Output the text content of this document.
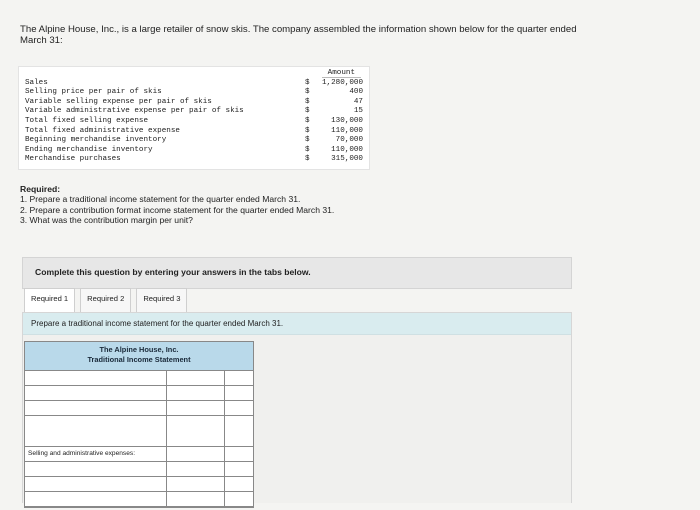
The Alpine House, Inc., is a large retailer of snow skis. The company assembled the information shown below for the quarter ended
March 31:
Amount
Sales	$	1,280,000
Selling price per pair of skis	$	400
Variable selling expense per pair of skis	$	47
Variable administrative expense per pair of skis	$	15
Total fixed selling expense	$	130,000
Total fixed administrative expense	$	110,000
Beginning merchandise inventory	$	70,000
Ending merchandise inventory	$	110,000
Merchandise purchases	$	315,000
Required:
1. Prepare a traditional income statement for the quarter ended March 31.
2. Prepare a contribution format income statement for the quarter ended March 31.
3. What was the contribution margin per unit?
Complete this question by entering your answers in the tabs below.
Required 1	Required 2	Required 3
Prepare a traditional income statement for the quarter ended March 31.
The Alpine House, Inc.
Traditional Income Statement
Selling and administrative expenses:
